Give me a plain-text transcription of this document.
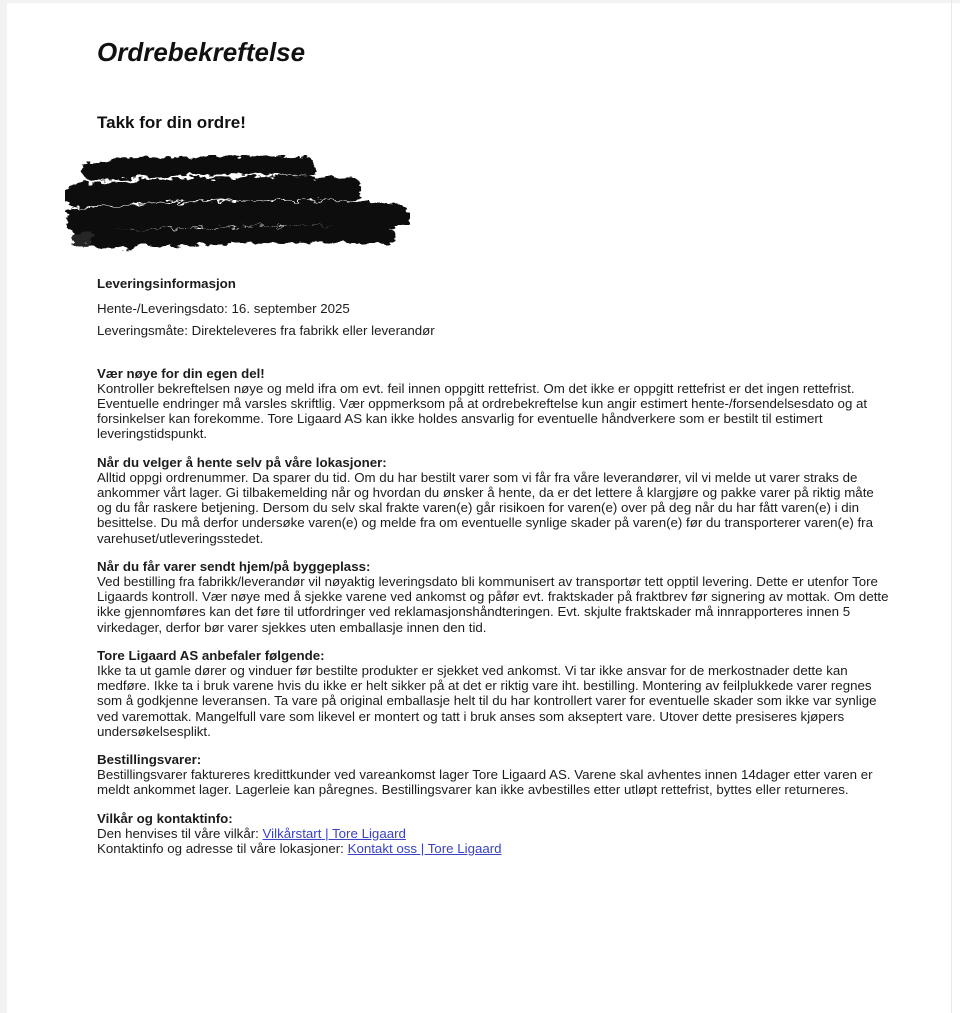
Ordrebekreftelse
Takk for din ordre!
Le
Kun

Leveringsinformasjon

Hente-/Leveringsdato: 16. september 2025

Leveringsmåte: Direkteleveres fra fabrikk eller leverandør

Vær nøye for din egen del!
Kontroller bekreftelsen nøye og meld ifra om evt. feil innen oppgitt rettefrist. Om det ikke er oppgitt rettefrist er det ingen rettefrist. Eventuelle endringer må varsles skriftlig. Vær oppmerksom på at ordrebekreftelse kun angir estimert hente-/forsendelsesdato og at forsinkelser kan forekomme. Tore Ligaard AS kan ikke holdes ansvarlig for eventuelle håndverkere som er bestilt til estimert leveringstidspunkt.

Når du velger å hente selv på våre lokasjoner:
Alltid oppgi ordrenummer. Da sparer du tid. Om du har bestilt varer som vi får fra våre leverandører, vil vi melde ut varer straks de ankommer vårt lager. Gi tilbakemelding når og hvordan du ønsker å hente, da er det lettere å klargjøre og pakke varer på riktig måte og du får raskere betjening. Dersom du selv skal frakte varen(e) går risikoen for varen(e) over på deg når du har fått varen(e) i din besittelse. Du må derfor undersøke varen(e) og melde fra om eventuelle synlige skader på varen(e) før du transporterer varen(e) fra varehuset/utleveringsstedet.

Når du får varer sendt hjem/på byggeplass:
Ved bestilling fra fabrikk/leverandør vil nøyaktig leveringsdato bli kommunisert av transportør tett opptil levering. Dette er utenfor Tore Ligaards kontroll. Vær nøye med å sjekke varene ved ankomst og påfør evt. fraktskader på fraktbrev før signering av mottak. Om dette ikke gjennomføres kan det føre til utfordringer ved reklamasjonshåndteringen. Evt. skjulte fraktskader må innrapporteres innen 5 virkedager, derfor bør varer sjekkes uten emballasje innen den tid.

Tore Ligaard AS anbefaler følgende:
Ikke ta ut gamle dører og vinduer før bestilte produkter er sjekket ved ankomst. Vi tar ikke ansvar for de merkostnader dette kan medføre. Ikke ta i bruk varene hvis du ikke er helt sikker på at det er riktig vare iht. bestilling. Montering av feilplukkede varer regnes som å godkjenne leveransen. Ta vare på original emballasje helt til du har kontrollert varer for eventuelle skader som ikke var synlige ved varemottak. Mangelfull vare som likevel er montert og tatt i bruk anses som akseptert vare. Utover dette presiseres kjøpers undersøkelsesplikt.

Bestillingsvarer:
Bestillingsvarer faktureres kredittkunder ved vareankomst lager Tore Ligaard AS. Varene skal avhentes innen 14dager etter varen er meldt ankommet lager. Lagerleie kan påregnes. Bestillingsvarer kan ikke avbestilles etter utløpt rettefrist, byttes eller returneres.

Vilkår og kontaktinfo:
Den henvises til våre vilkår: Vilkårstart | Tore Ligaard
Kontaktinfo og adresse til våre lokasjoner: Kontakt oss | Tore Ligaard
